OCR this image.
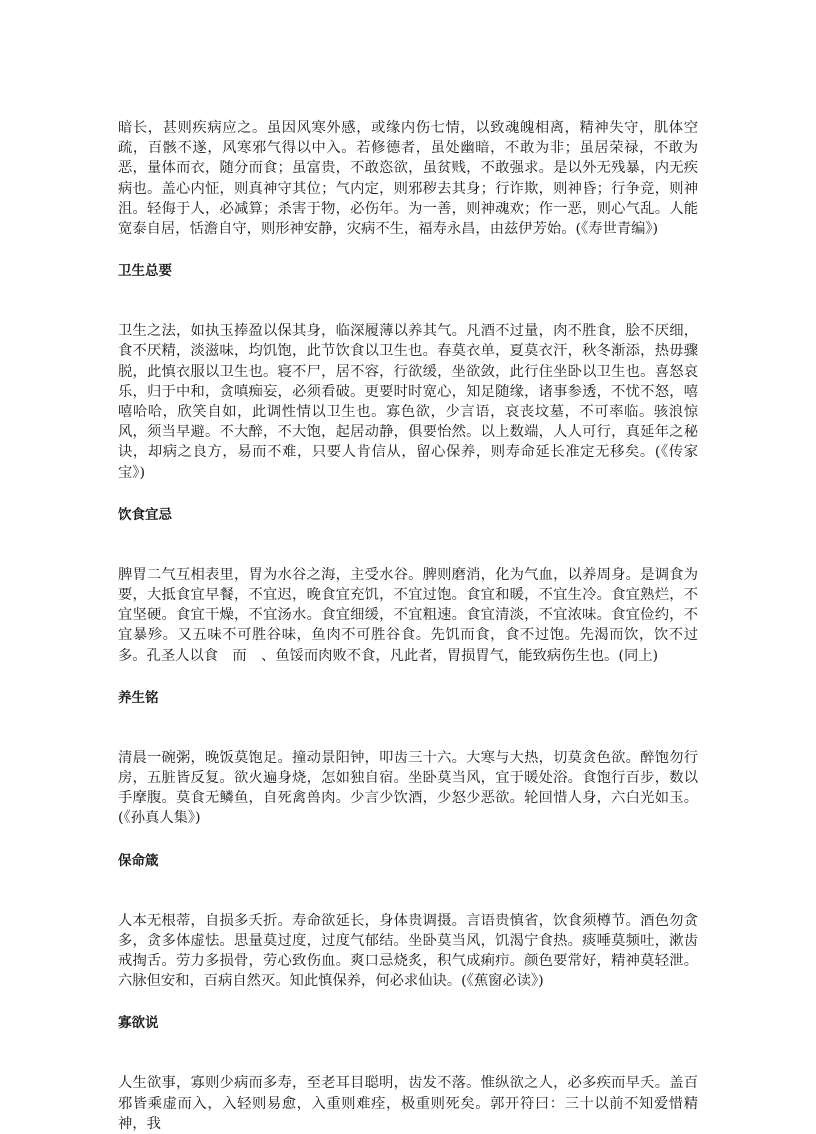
暗长，甚则疾病应之。虽因风寒外感，或缘内伤七情，以致魂魄相离，精神失守，肌体空疏，百骸不遂，风寒邪气得以中入。若修德者，虽处幽暗，不敢为非；虽居荣禄，不敢为恶，量体而衣，随分而食；虽富贵，不敢恣欲，虽贫贱，不敢强求。是以外无残暴，内无疾病也。盖心内怔，则真神守其位；气内定，则邪秽去其身；行诈欺，则神昏；行争竞，则神沮。轻侮于人，必减算；杀害于物，必伤年。为一善，则神魂欢；作一恶，则心气乱。人能宽泰自居，恬澹自守，则形神安静，灾病不生，福寿永昌，由兹伊芳始。(《寿世青编》)

卫生总要

卫生之法，如执玉捧盈以保其身，临深履薄以养其气。凡酒不过量，肉不胜食，脍不厌细，食不厌精，淡滋味，均饥饱，此节饮食以卫生也。春莫衣单，夏莫衣汗，秋冬渐添，热毋骤脱，此慎衣服以卫生也。寝不尸，居不容，行欲缓，坐欲敛，此行住坐卧以卫生也。喜怒哀乐，归于中和，贪嗔痴妄，必须看破。更要时时宽心，知足随缘，诸事参透，不忧不怒，嘻嘻哈哈，欣笑自如，此调性情以卫生也。寡色欲，少言语，哀丧坟墓，不可率临。骇浪惊风，须当早避。不大醉，不大饱，起居动静，俱要怡然。以上数端，人人可行，真延年之秘诀，却病之良方，易而不难，只要人肯信从，留心保养，则寿命延长准定无移矣。(《传家宝》)

饮食宜忌

脾胃二气互相表里，胃为水谷之海，主受水谷。脾则磨消，化为气血，以养周身。是调食为要，大抵食宜早餐，不宜迟，晚食宜充饥，不宜过饱。食宜和暖，不宜生冷。食宜熟烂，不宜坚硬。食宜干燥，不宜汤水。食宜细缓，不宜粗速。食宜清淡，不宜浓味。食宜俭约，不宜暴殄。又五味不可胜谷味，鱼肉不可胜谷食。先饥而食，食不过饱。先渴而饮，饮不过多。孔圣人以食　而　、鱼馁而肉败不食，凡此者，胃损胃气，能致病伤生也。(同上)

养生铭

清晨一碗粥，晚饭莫饱足。撞动景阳钟，叩齿三十六。大寒与大热，切莫贪色欲。醉饱勿行房，五脏皆反复。欲火遍身烧，怎如独自宿。坐卧莫当风，宜于暖处浴。食饱行百步，数以手摩腹。莫食无鳞鱼，自死禽兽肉。少言少饮酒，少怒少恶欲。轮回惜人身，六白光如玉。(《孙真人集》)

保命箴

人本无根蒂，自损多夭折。寿命欲延长，身体贵调摄。言语贵慎省，饮食须樽节。酒色勿贪多，贪多体虚怯。思量莫过度，过度气郁结。坐卧莫当风，饥渴宁食热。痰唾莫频吐，漱齿戒掏舌。劳力多损骨，劳心致伤血。爽口忌烧炙，积气成痢疖。颜色要常好，精神莫轻泄。六脉但安和，百病自然灭。知此慎保养，何必求仙诀。(《蕉窗必读》)

寡欲说

人生欲事，寡则少病而多寿，至老耳目聪明，齿发不落。惟纵欲之人，必多疾而早夭。盖百邪皆乘虚而入，入轻则易愈，入重则难痊，极重则死矣。郭开符曰：三十以前不知爱惜精神，我
